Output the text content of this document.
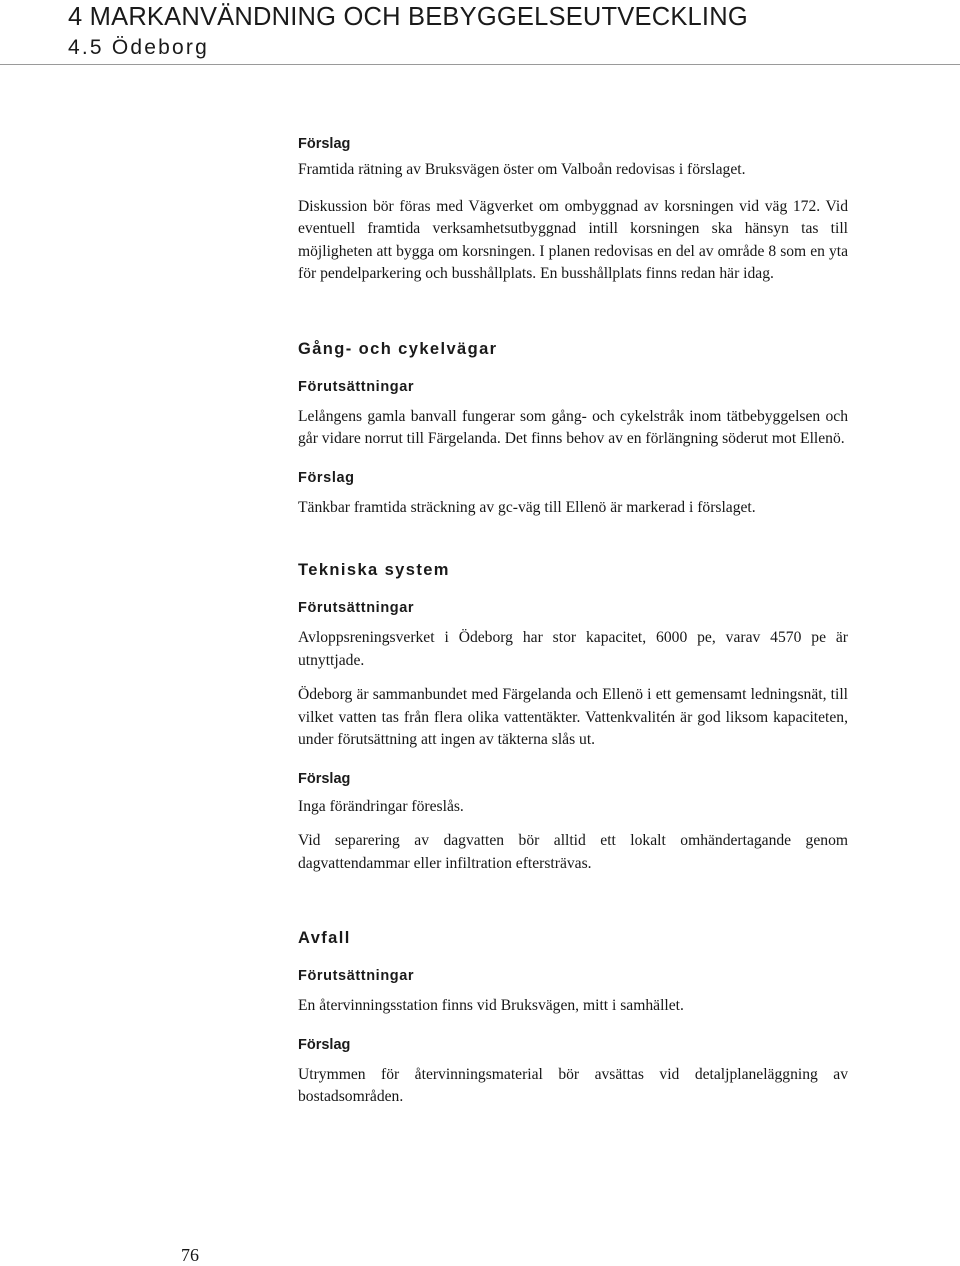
4 MARKANVÄNDNING OCH BEBYGGELSEUTVECKLING
4.5 Ödeborg

Förslag

Framtida rätning av Bruksvägen öster om Valboån redovisas i förslaget.

Diskussion bör föras med Vägverket om ombyggnad av korsningen vid väg 172. Vid eventuell framtida verksamhetsutbyggnad intill korsningen ska hänsyn tas till möjligheten att bygga om korsningen. I planen redovisas en del av område 8 som en yta för pendelparkering och busshållplats. En busshållplats finns redan här idag.

Gång- och cykelvägar

Förutsättningar

Lelångens gamla banvall fungerar som gång- och cykelstråk inom tätbebyggelsen och går vidare norrut till Färgelanda. Det finns behov av en förlängning söderut mot Ellenö.

Förslag

Tänkbar framtida sträckning av gc-väg till Ellenö är markerad i förslaget.

Tekniska system

Förutsättningar

Avloppsreningsverket i Ödeborg har stor kapacitet, 6000 pe, varav 4570 pe är utnyttjade.

Ödeborg är sammanbundet med Färgelanda och Ellenö i ett gemensamt ledningsnät, till vilket vatten tas från flera olika vattentäkter. Vattenkvalitén är god liksom kapaciteten, under förutsättning att ingen av täkterna slås ut.

Förslag

Inga förändringar föreslås.

Vid separering av dagvatten bör alltid ett lokalt omhändertagande genom dagvattendammar eller infiltration eftersträvas.

Avfall

Förutsättningar

En återvinningsstation finns vid Bruksvägen, mitt i samhället.

Förslag

Utrymmen för återvinningsmaterial bör avsättas vid detaljplaneläggning av bostadsområden.

76
